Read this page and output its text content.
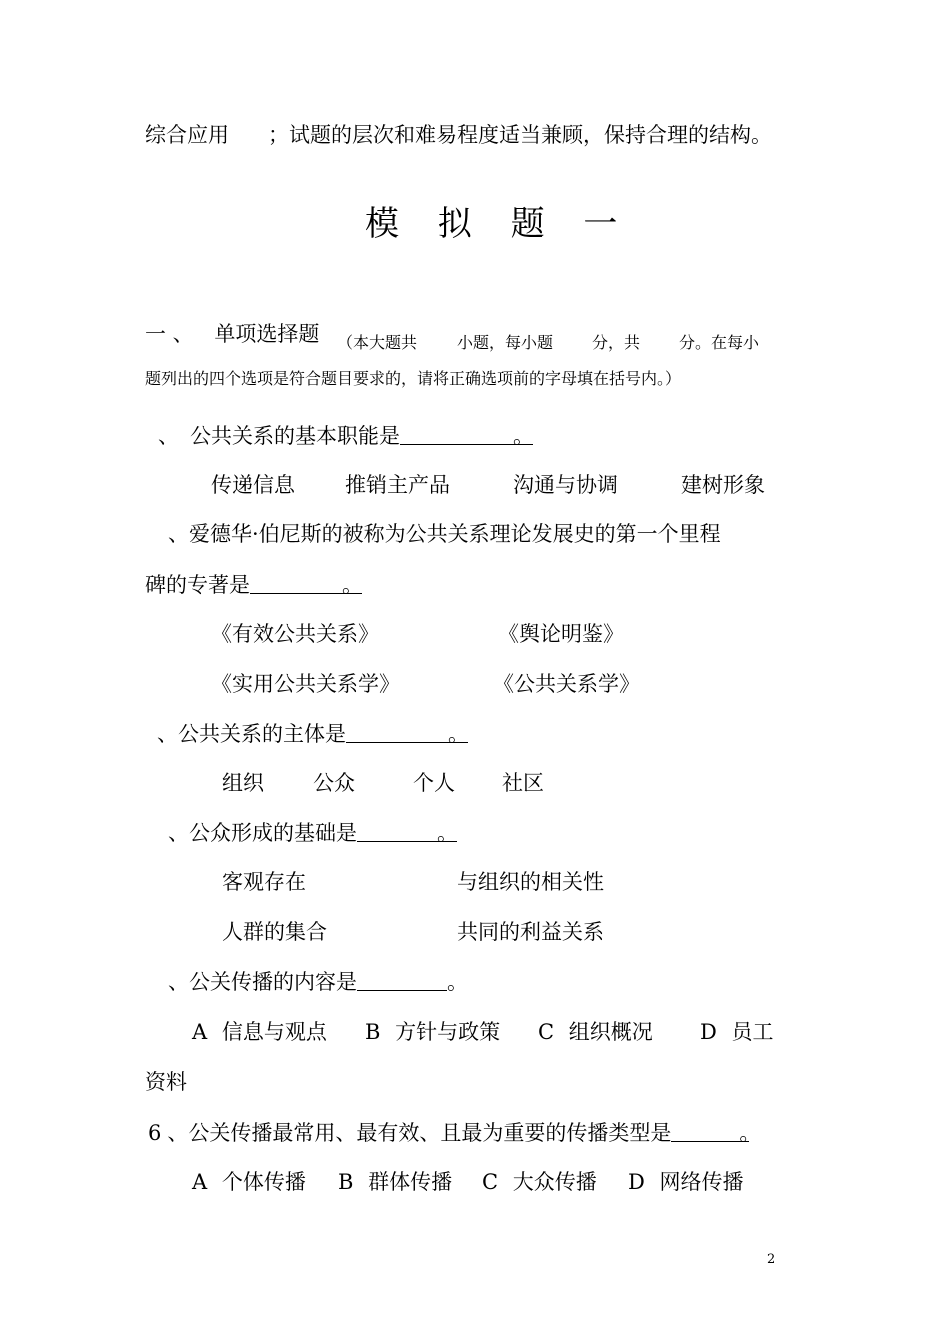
综合应用 ；试题的层次和难易程度适当兼顾，保持合理的结构。
模 拟 题 一
一 、 单项选择题 （本大题共 小题，每小题 分，共 分。在每小
题列出的四个选项是符合题目要求的，请将正确选项前的字母填在括号内。）
、 公共关系的基本职能是	。
传递信息 推销主产品	沟通与协调	建树形象
、爱德华·伯尼斯的被称为公共关系理论发展史的第一个里程
碑的专著是	。
《有效公共关系》	《舆论明鉴》
《实用公共关系学》	《公共关系学》
、公共关系的主体是	。
组织 公众	个人 社区
、公众形成的基础是	。
客观存在	与组织的相关性
人群的集合	共同的利益关系
、公关传播的内容是	。
A 信息与观点 B 方针与政策 C 组织概况 D 员工
资料
6 、公关传播最常用、最有效、且最为重要的传播类型是	。
A 个体传播 B 群体传播 C 大众传播 D 网络传播
2
